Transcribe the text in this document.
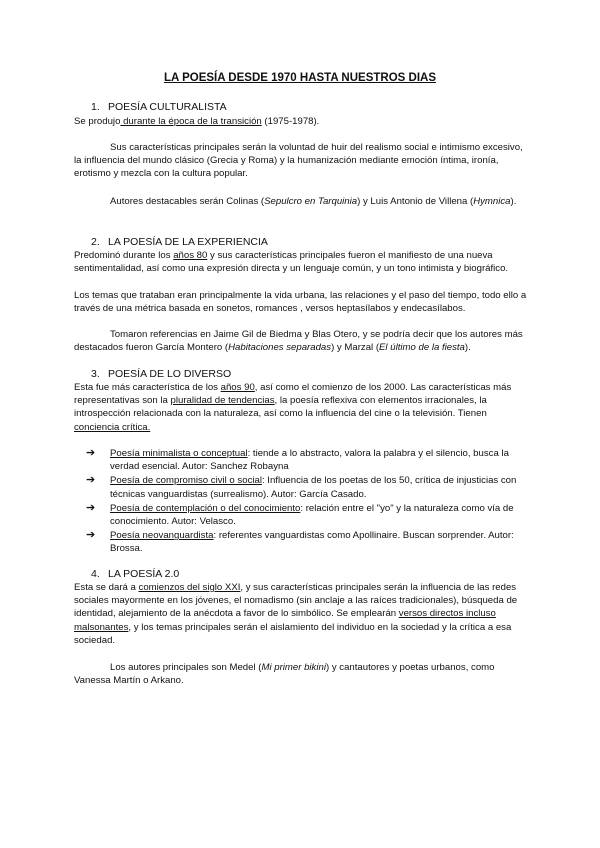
LA POESÍA DESDE 1970 HASTA NUESTROS DIAS
1. POESÍA CULTURALISTA

Se produjo durante la época de la transición (1975-1978).

Sus características principales serán la voluntad de huir del realismo social e intimismo excesivo, la influencia del mundo clásico (Grecia y Roma) y la humanización mediante emoción íntima, ironía, erotismo y mezcla con la cultura popular.

Autores destacables serán Colinas (Sepulcro en Tarquinia) y Luis Antonio de Villena (Hymnica).

2. LA POESÍA DE LA EXPERIENCIA

Predominó durante los años 80 y sus características principales fueron el manifiesto de una nueva sentimentalidad, así como una expresión directa y un lenguaje común, y un tono intimista y biográfico.

Los temas que trataban eran principalmente la vida urbana, las relaciones y el paso del tiempo, todo ello a través de una métrica basada en sonetos, romances , versos heptasílabos y endecasílabos.

Tomaron referencias en Jaime Gil de Biedma y Blas Otero, y se podría decir que los autores más destacados fueron García Montero (Habitaciones separadas) y Marzal (El último de la fiesta).

3. POESÍA DE LO DIVERSO

Esta fue más característica de los años 90, así como el comienzo de los 2000. Las características más representativas son la pluralidad de tendencias, la poesía reflexiva con elementos irracionales, la introspección relacionada con la naturaleza, así como la influencia del cine o la televisión. Tienen conciencia crítica.

➔ Poesía minimalista o conceptual: tiende a lo abstracto, valora la palabra y el silencio, busca la verdad esencial. Autor: Sanchez Robayna
➔ Poesía de compromiso civil o social: Influencia de los poetas de los 50, crítica de injusticias con técnicas vanguardistas (surrealismo). Autor: García Casado.
➔ Poesía de contemplación o del conocimiento: relación entre el "yo" y la naturaleza como vía de conocimiento. Autor: Velasco.
➔ Poesía neovanguardista: referentes vanguardistas como Apollinaire. Buscan sorprender. Autor: Brossa.
4. LA POESÍA 2.0

Esta se dará a comienzos del siglo XXI, y sus características principales serán la influencia de las redes sociales mayormente en los jóvenes, el nomadismo (sin anclaje a las raíces tradicionales), búsqueda de identidad, alejamiento de la anécdota a favor de lo simbólico. Se emplearán versos directos incluso malsonantes, y los temas principales serán el aislamiento del individuo en la sociedad y la crítica a esa sociedad.

Los autores principales son Medel (Mi primer bikini) y cantautores y poetas urbanos, como Vanessa Martín o Arkano.
